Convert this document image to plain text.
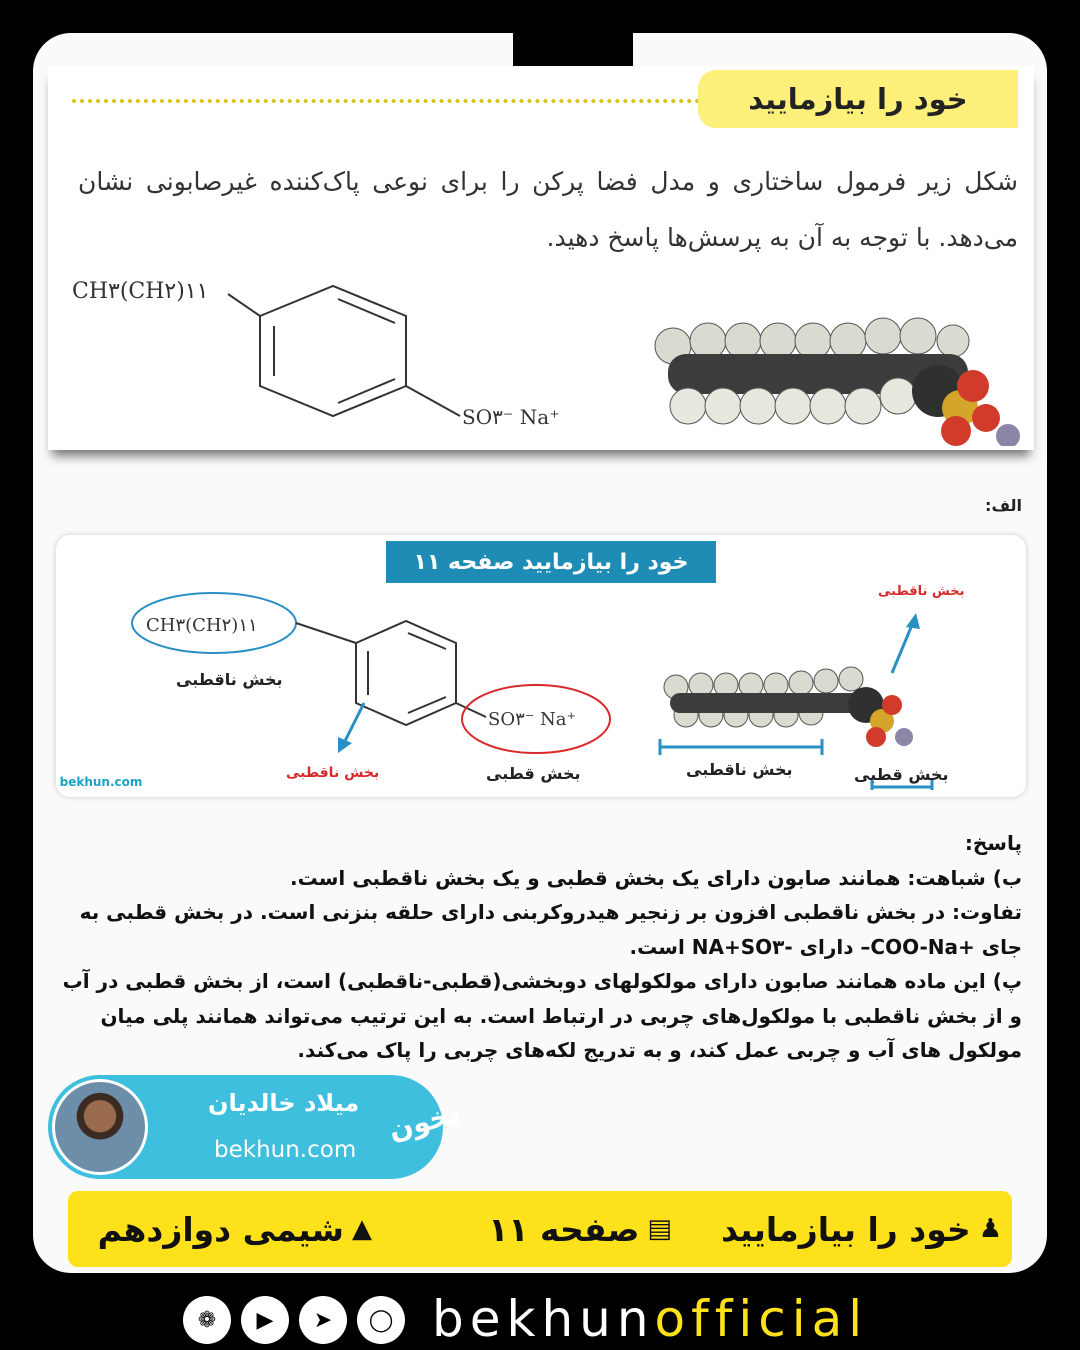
خود را بیازمایید
شکل زیر فرمول ساختاری و مدل فضا پرکن را برای نوعی پاک‌کننده غیرصابونی نشان می‌دهد. با توجه به آن به پرسش‌ها پاسخ دهید.
CH۳(CH۲)۱۱
SO۳⁻ Na⁺
الف:
خود را بیازمایید صفحه ۱۱
CH۳(CH۲)۱۱
بخش ناقطبی
SO۳⁻ Na⁺
بخش قطبی
بخش ناقطبی
بخش ناقطبی
بخش ناقطبی	بخش قطبی
bekhun.com

پاسخ:

ب) شباهت: همانند صابون دارای یک بخش قطبی و یک بخش ناقطبی است.

تفاوت: در بخش ناقطبی افزون بر زنجیر هیدروکربنی دارای حلقه بنزنی است. در بخش قطبی به جای +COO-Na– دارای -NA+SO۳ است.

پ) این ماده همانند صابون دارای مولکولهای دوبخشی(قطبی-ناقطبی) است، از بخش قطبی در آب و از بخش ناقطبی با مولکول‌های چربی در ارتباط است. به این ترتیب می‌تواند همانند پلی میان مولکول های آب و چربی عمل کند، و به تدریج لکه‌های چربی را پاک می‌کند.

میلاد خالدیان
bekhun.com
بخون
♟
خود را بیازمایید
▤
صفحه ۱۱
▲
شیمی دوازدهم
❁	▶	➤	◯ bekhunofficial
